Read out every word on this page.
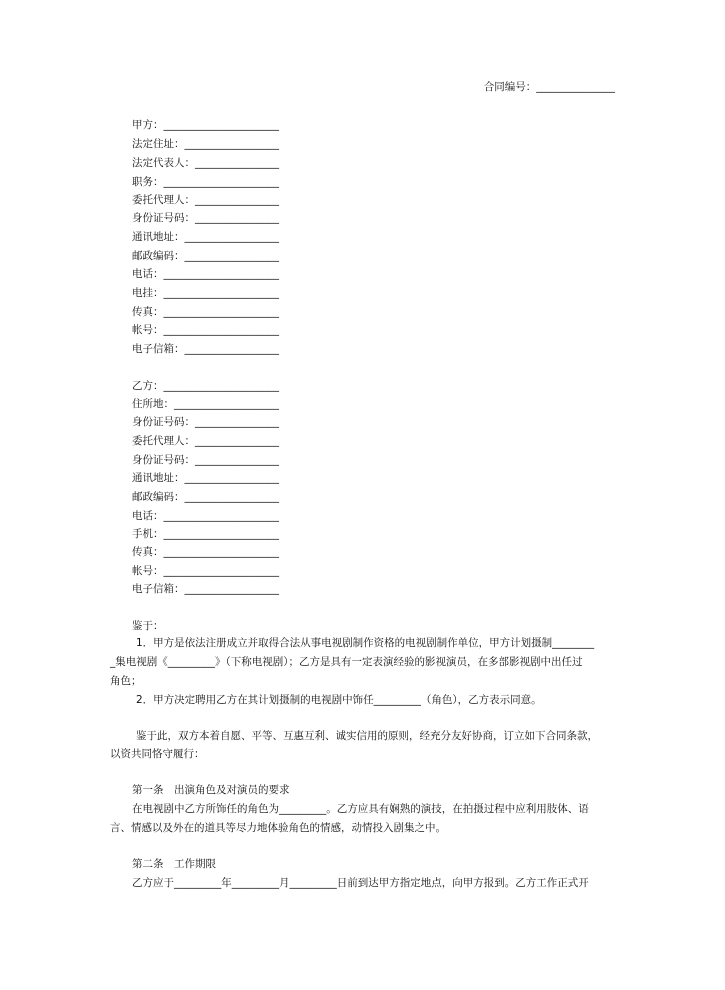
合同编号：_______________
甲方：______________________
法定住址：__________________
法定代表人：________________
职务：______________________
委托代理人：________________
身份证号码：________________
通讯地址：__________________
邮政编码：__________________
电话：______________________
电挂：______________________
传真：______________________
帐号：______________________
电子信箱：__________________
乙方：______________________
住所地：____________________
身份证号码：________________
委托代理人：________________
身份证号码：________________
通讯地址：__________________
邮政编码：__________________
电话：______________________
手机：______________________
传真：______________________
帐号：______________________
电子信箱：__________________
鉴于：
1．甲方是依法注册成立并取得合法从事电视剧制作资格的电视剧制作单位，甲方计划摄制________
_集电视剧《_________》（下称电视剧）；乙方是具有一定表演经验的影视演员，在多部影视剧中出任过
角色；
2．甲方决定聘用乙方在其计划摄制的电视剧中饰任_________（角色），乙方表示同意。
鉴于此，双方本着自愿、平等、互惠互利、诚实信用的原则，经充分友好协商，订立如下合同条款，
以资共同恪守履行：
第一条　出演角色及对演员的要求
在电视剧中乙方所饰任的角色为_________。乙方应具有娴熟的演技，在拍摄过程中应利用肢体、语
言、情感以及外在的道具等尽力地体验角色的情感，动情投入剧集之中。
第二条　工作期限
乙方应于_________年_________月_________日前到达甲方指定地点，向甲方报到。乙方工作正式开
